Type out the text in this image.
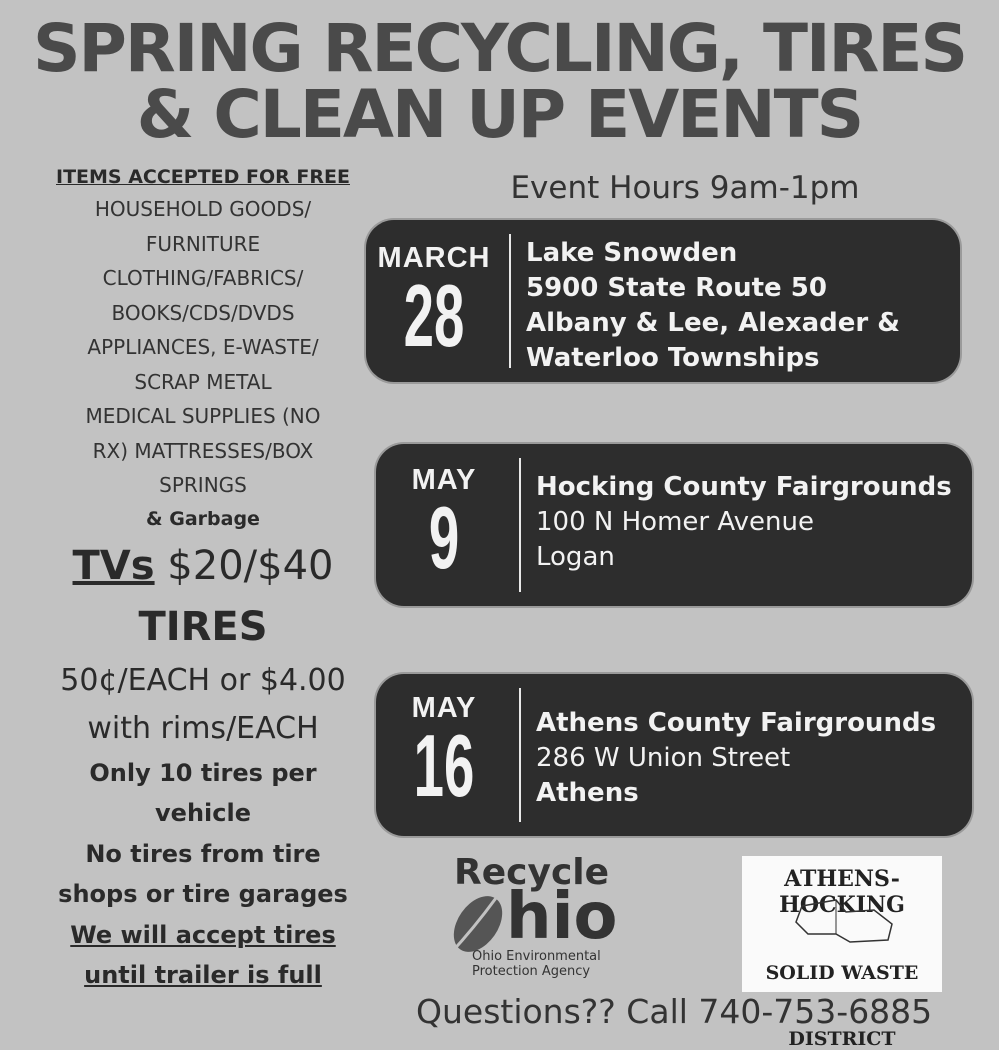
SPRING RECYCLING, TIRES
& CLEAN UP EVENTS
ITEMS ACCEPTED FOR FREE
HOUSEHOLD GOODS/
FURNITURE
CLOTHING/FABRICS/
BOOKS/CDS/DVDS
APPLIANCES, E-WASTE/
SCRAP METAL
MEDICAL SUPPLIES (NO
RX) MATTRESSES/BOX
SPRINGS
& Garbage
TVs $20/$40
TIRES
50¢/EACH or $4.00
with rims/EACH
Only 10 tires per
vehicle
No tires from tire
shops or tire garages
We will accept tires
until trailer is full
Event Hours 9am-1pm
MARCH
28
Lake Snowden
5900 State Route 50
Albany & Lee, Alexader &
Waterloo Townships
MAY
9
Hocking County Fairgrounds
100 N Homer Avenue
Logan
MAY
16	Athens County Fairgrounds
286 W Union Street
Athens
Recycle
hio
Ohio Environmental
Protection Agency
ATHENS-HOCKING
SOLID WASTE
DISTRICT
Questions?? Call 740-753-6885
